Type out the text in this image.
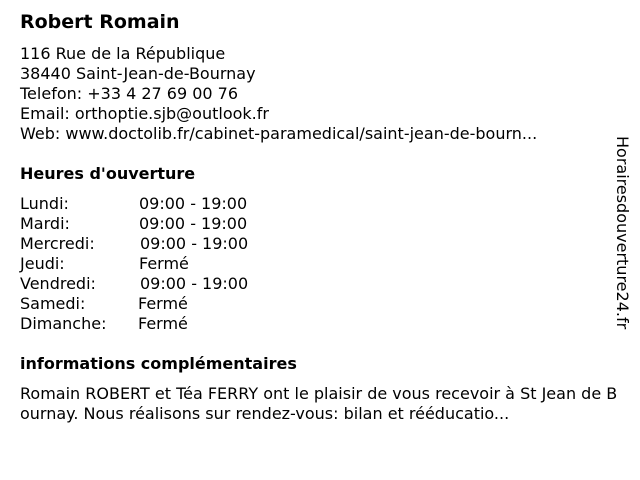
Robert Romain
116 Rue de la République
38440 Saint-Jean-de-Bournay
Telefon: +33 4 27 69 00 76
Email: orthoptie.sjb@outlook.fr
Web: www.doctolib.fr/cabinet-paramedical/saint-jean-de-bourn...
Heures d'ouverture
Lundi:	09:00 - 19:00
Mardi:	09:00 - 19:00
Mercredi:	09:00 - 19:00
Jeudi:	Fermé
Vendredi:	09:00 - 19:00
Samedi:	Fermé
Dimanche: Fermé
informations complémentaires
Romain ROBERT et Téa FERRY ont le plaisir de vous recevoir à St Jean de Bournay. Nous réalisons sur rendez-vous: bilan et rééducatio...
Horairesdouverture24.fr
